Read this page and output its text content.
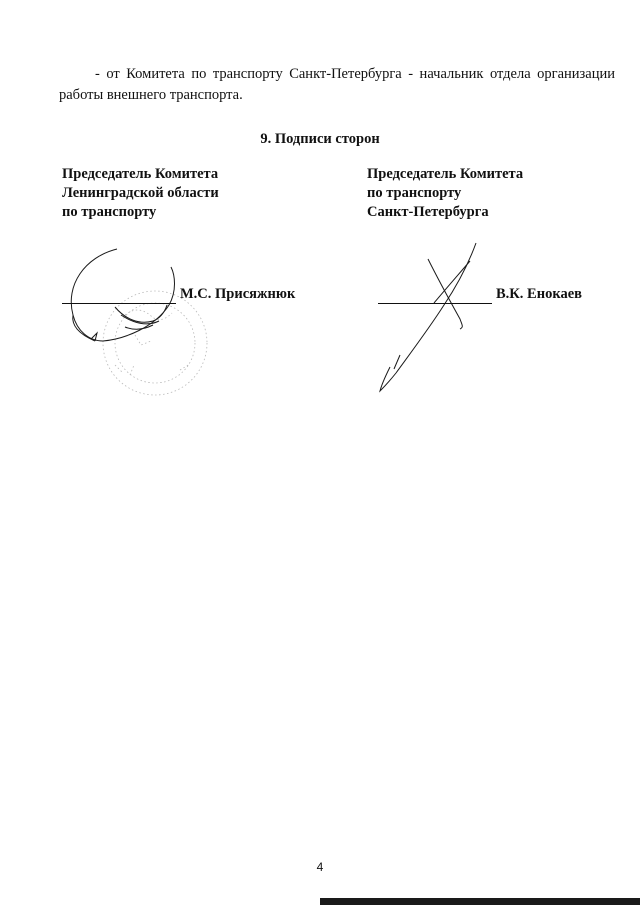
- от Комитета по транспорту Санкт-Петербурга - начальник отдела организации работы внешнего транспорта.

9. Подписи сторон

Председатель Комитета
Ленинградской области
по транспорту
Председатель Комитета
по транспорту
Санкт-Петербурга

М.С. Присяжнюк	В.К. Енокаев

4
